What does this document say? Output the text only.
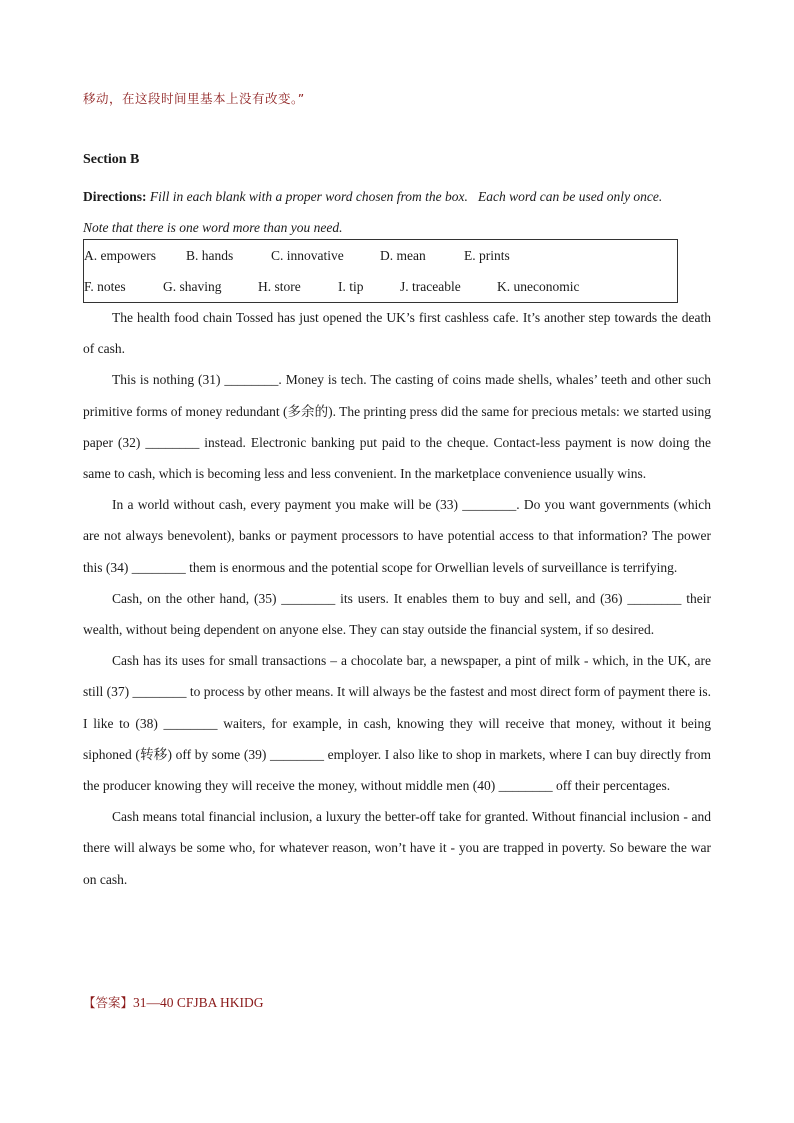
移动，在这段时间里基本上没有改变。”
Section B
Directions: Fill in each blank with a proper word chosen from the box.   Each word can be used only once.
Note that there is one word more than you need.
A. empowers B. hands	C. innovative	D. mean	E. prints
F. notes	G. shaving	H. store	I. tip	J. traceable	K. uneconomic

The health food chain Tossed has just opened the UK’s first cashless cafe. It’s another step towards the death of cash.

This is nothing (31) ________. Money is tech. The casting of coins made shells, whales’ teeth and other such primitive forms of money redundant (多余的). The printing press did the same for precious metals: we started using paper (32) ________ instead. Electronic banking put paid to the cheque. Contact-less payment is now doing the same to cash, which is becoming less and less convenient. In the marketplace convenience usually wins.

In a world without cash, every payment you make will be (33) ________. Do you want governments (which are not always benevolent), banks or payment processors to have potential access to that information? The power this (34) ________ them is enormous and the potential scope for Orwellian levels of surveillance is terrifying.

Cash, on the other hand, (35) ________ its users. It enables them to buy and sell, and (36) ________ their wealth, without being dependent on anyone else. They can stay outside the financial system, if so desired.

Cash has its uses for small transactions – a chocolate bar, a newspaper, a pint of milk - which, in the UK, are still (37) ________ to process by other means. It will always be the fastest and most direct form of payment there is. I like to (38) ________ waiters, for example, in cash, knowing they will receive that money, without it being siphoned (转移) off by some (39) ________ employer. I also like to shop in markets, where I can buy directly from the producer knowing they will receive the money, without middle men (40) ________ off their percentages.

Cash means total financial inclusion, a luxury the better-off take for granted. Without financial inclusion - and there will always be some who, for whatever reason, won’t have it - you are trapped in poverty. So beware the war on cash.

【答案】31—40 CFJBA HKIDG
